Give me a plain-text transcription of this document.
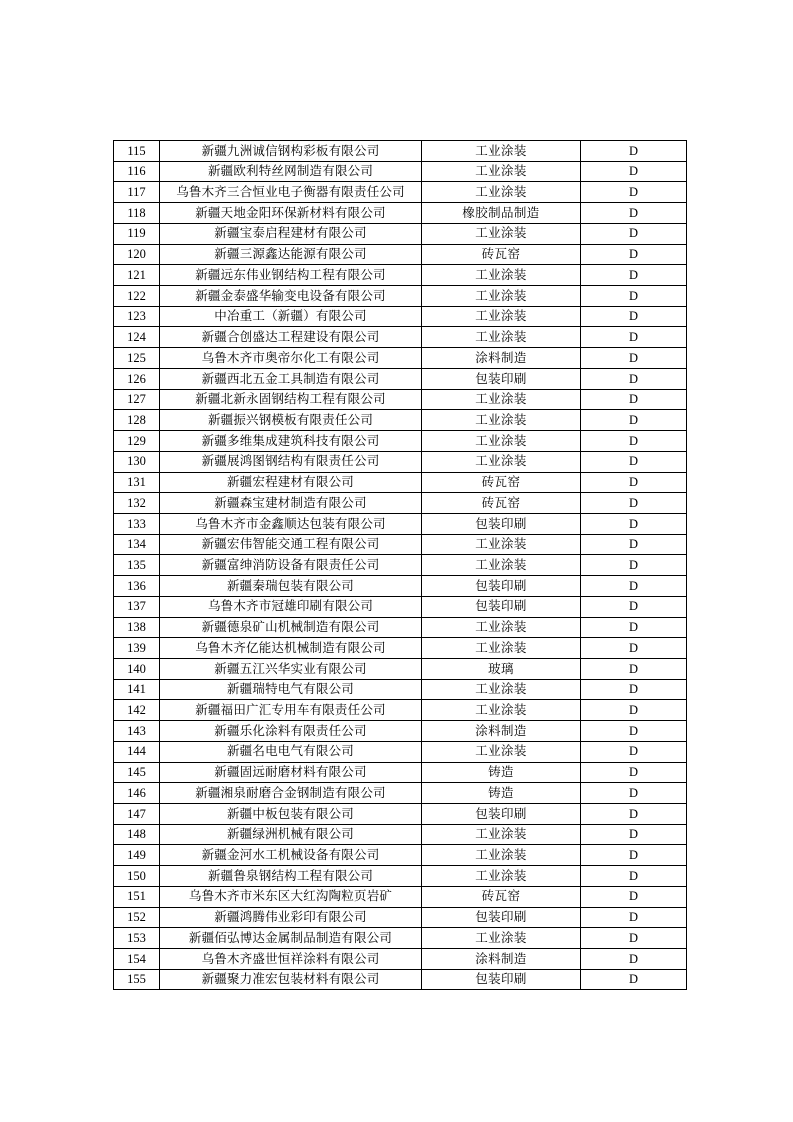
115	新疆九洲诚信钢构彩板有限公司	工业涂装	D
116	新疆欧利特丝网制造有限公司	工业涂装	D
117	乌鲁木齐三合恒业电子衡器有限责任公司	工业涂装	D
118	新疆天地金阳环保新材料有限公司	橡胶制品制造	D
119	新疆宝泰启程建材有限公司	工业涂装	D
120	新疆三源鑫达能源有限公司	砖瓦窑	D
121	新疆远东伟业钢结构工程有限公司	工业涂装	D
122	新疆金泰盛华输变电设备有限公司	工业涂装	D
123	中冶重工（新疆）有限公司	工业涂装	D
124	新疆合创盛达工程建设有限公司	工业涂装	D
125	乌鲁木齐市奥帝尔化工有限公司	涂料制造	D
126	新疆西北五金工具制造有限公司	包装印刷	D
127	新疆北新永固钢结构工程有限公司	工业涂装	D
128	新疆振兴钢模板有限责任公司	工业涂装	D
129	新疆多维集成建筑科技有限公司	工业涂装	D
130	新疆展鸿图钢结构有限责任公司	工业涂装	D
131	新疆宏程建材有限公司	砖瓦窑	D
132	新疆森宝建材制造有限公司	砖瓦窑	D
133	乌鲁木齐市金鑫顺达包装有限公司	包装印刷	D
134	新疆宏伟智能交通工程有限公司	工业涂装	D
135	新疆富绅消防设备有限责任公司	工业涂装	D
136	新疆秦瑞包装有限公司	包装印刷	D
137	乌鲁木齐市冠雄印刷有限公司	包装印刷	D
138	新疆德泉矿山机械制造有限公司	工业涂装	D
139	乌鲁木齐亿能达机械制造有限公司	工业涂装	D
140	新疆五江兴华实业有限公司	玻璃	D
141	新疆瑞特电气有限公司	工业涂装	D
142	新疆福田广汇专用车有限责任公司	工业涂装	D
143	新疆乐化涂料有限责任公司	涂料制造	D
144	新疆名电电气有限公司	工业涂装	D
145	新疆固远耐磨材料有限公司	铸造	D
146	新疆湘泉耐磨合金钢制造有限公司	铸造	D
147	新疆中板包装有限公司	包装印刷	D
148	新疆绿洲机械有限公司	工业涂装	D
149	新疆金河水工机械设备有限公司	工业涂装	D
150	新疆鲁泉钢结构工程有限公司	工业涂装	D
151	乌鲁木齐市米东区大红沟陶粒页岩矿	砖瓦窑	D
152	新疆鸿腾伟业彩印有限公司	包装印刷	D
153	新疆佰弘博达金属制品制造有限公司	工业涂装	D
154	乌鲁木齐盛世恒祥涂料有限公司	涂料制造	D
155	新疆聚力准宏包装材料有限公司	包装印刷	D
